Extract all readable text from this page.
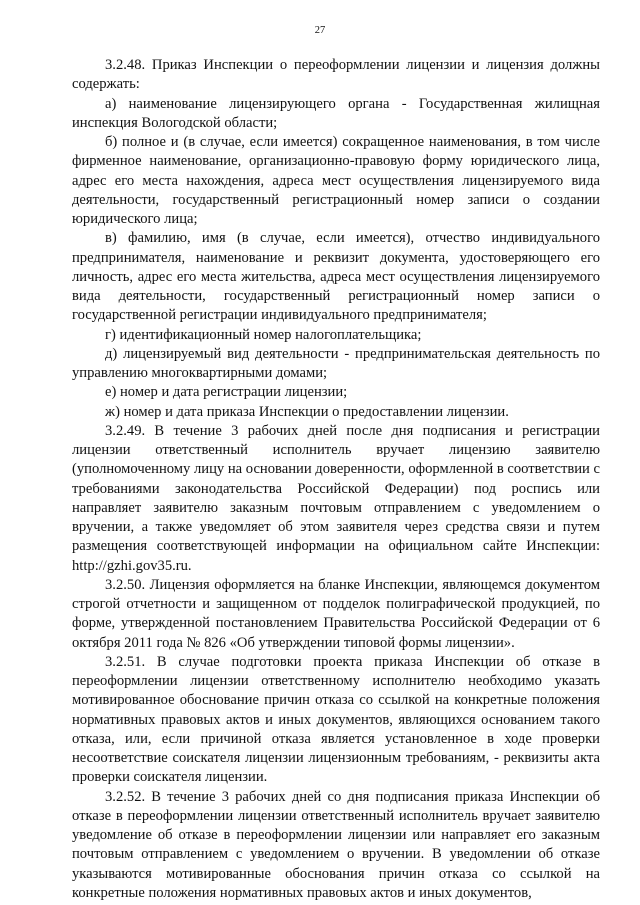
27

3.2.48. Приказ Инспекции о переоформлении лицензии и лицензия должны содержать:

а) наименование лицензирующего органа - Государственная жилищная инспекция Вологодской области;

б) полное и (в случае, если имеется) сокращенное наименования, в том числе фирменное наименование, организационно-правовую форму юридического лица, адрес его места нахождения, адреса мест осуществления лицензируемого вида деятельности, государственный регистрационный номер записи о создании юридического лица;

в) фамилию, имя (в случае, если имеется), отчество индивидуального предпринимателя, наименование и реквизит документа, удостоверяющего его личность, адрес его места жительства, адреса мест осуществления лицензируемого вида деятельности, государственный регистрационный номер записи о государственной регистрации индивидуального предпринимателя;

г) идентификационный номер налогоплательщика;

д) лицензируемый вид деятельности - предпринимательская деятельность по управлению многоквартирными домами;

е) номер и дата регистрации лицензии;

ж) номер и дата приказа Инспекции о предоставлении лицензии.

3.2.49. В течение 3 рабочих дней после дня подписания и регистрации лицензии ответственный исполнитель вручает лицензию заявителю (уполномоченному лицу на основании доверенности, оформленной в соответствии с требованиями законодательства Российской Федерации) под роспись или направляет заявителю заказным почтовым отправлением с уведомлением о вручении, а также уведомляет об этом заявителя через средства связи и путем размещения соответствующей информации на официальном сайте Инспекции: http://gzhi.gov35.ru.

3.2.50. Лицензия оформляется на бланке Инспекции, являющемся документом строгой отчетности и защищенном от подделок полиграфической продукцией, по форме, утвержденной постановлением Правительства Российской Федерации от 6 октября 2011 года № 826 «Об утверждении типовой формы лицензии».

3.2.51. В случае подготовки проекта приказа Инспекции об отказе в переоформлении лицензии ответственному исполнителю необходимо указать мотивированное обоснование причин отказа со ссылкой на конкретные положения нормативных правовых актов и иных документов, являющихся основанием такого отказа, или, если причиной отказа является установленное в ходе проверки несоответствие соискателя лицензии лицензионным требованиям, - реквизиты акта проверки соискателя лицензии.

3.2.52. В течение 3 рабочих дней со дня подписания приказа Инспекции об отказе в переоформлении лицензии ответственный исполнитель вручает заявителю уведомление об отказе в переоформлении лицензии или направляет его заказным почтовым отправлением с уведомлением о вручении. В уведомлении об отказе указываются мотивированные обоснования причин отказа со ссылкой на конкретные положения нормативных правовых актов и иных документов,
